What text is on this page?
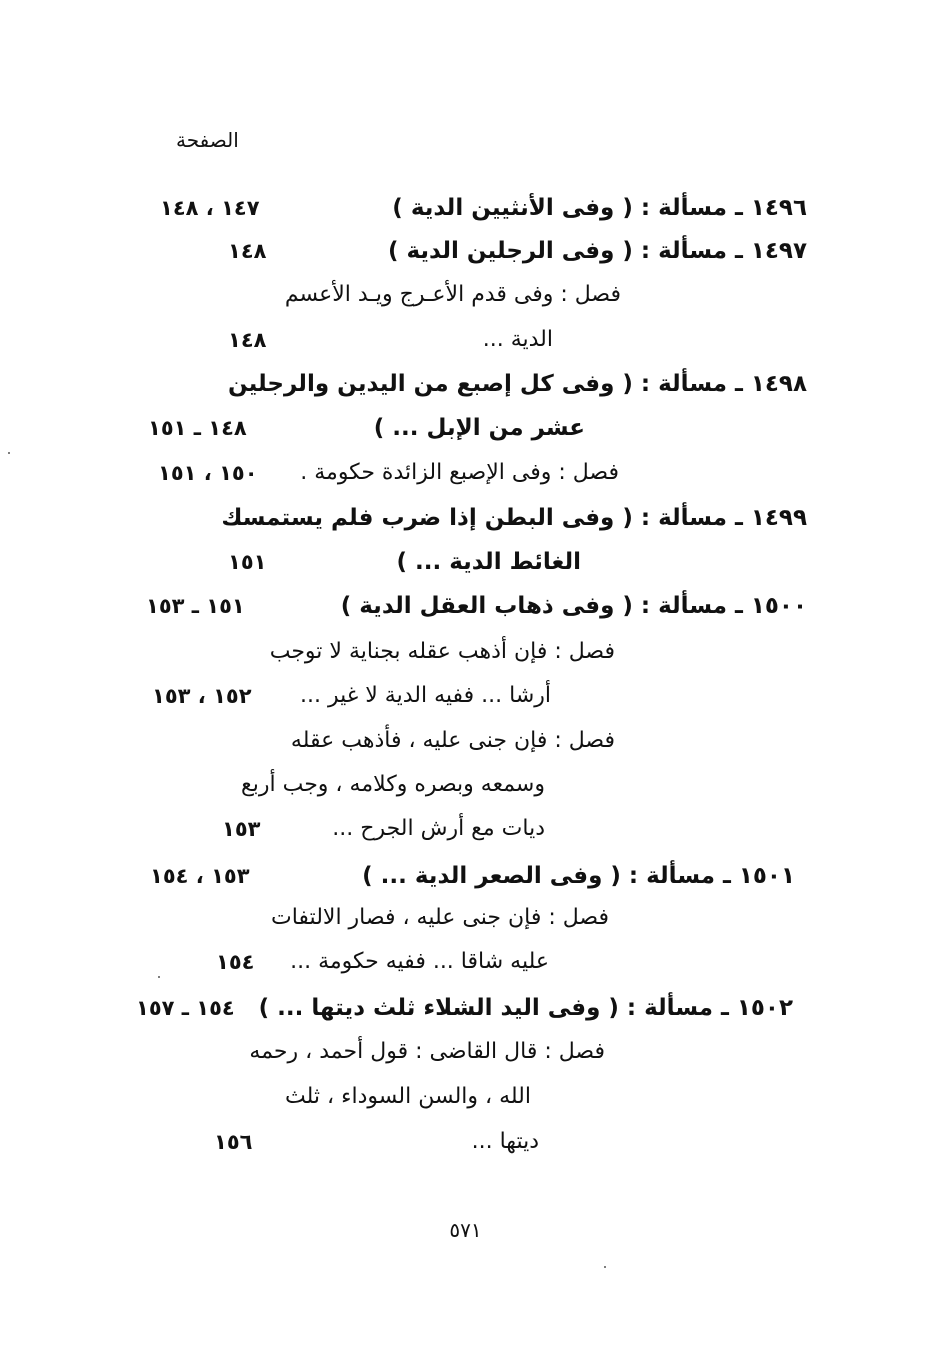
الصفحة
١٤٩٦ ـ مسألة : ( وفى الأنثيين الدية )
١٤٧ ، ١٤٨
١٤٩٧ ـ مسألة : ( وفى الرجلين الدية )
١٤٨
فصل : وفى قدم الأعـرج ويـد الأعسم
الدية ...
١٤٨
١٤٩٨ ـ مسألة : ( وفى كل إصبع من اليدين والرجلين
عشر من الإبل ... )
١٤٨ ـ ١٥١
فصل : وفى الإصبع الزائدة حكومة .
١٥٠ ، ١٥١
١٤٩٩ ـ مسألة : ( وفى البطن إذا ضرب فلم يستمسك
الغائط الدية ... )
١٥١
١٥٠٠ ـ مسألة : ( وفى ذهاب العقل الدية )
١٥١ ـ ١٥٣
فصل : فإن أذهب عقله بجناية لا توجب
أرشا ... ففيه الدية لا غير ...
١٥٢ ، ١٥٣
فصل : فإن جنى عليه ، فأذهب عقله
وسمعه وبصره وكلامه ، وجب أربع
ديات مع أرش الجرح ...
١٥٣
١٥٠١ ـ مسألة : ( وفى الصعر الدية ... )
١٥٣ ، ١٥٤
فصل : فإن جنى عليه ، فصار الالتفات
عليه شاقا ... ففيه حكومة ...
١٥٤
١٥٠٢ ـ مسألة : ( وفى اليد الشلاء ثلث ديتها ... )
١٥٤ ـ ١٥٧
فصل : قال القاضى : قول أحمد ، رحمه
الله ، والسن السوداء ، ثلث
ديتها ...
١٥٦
٥٧١
